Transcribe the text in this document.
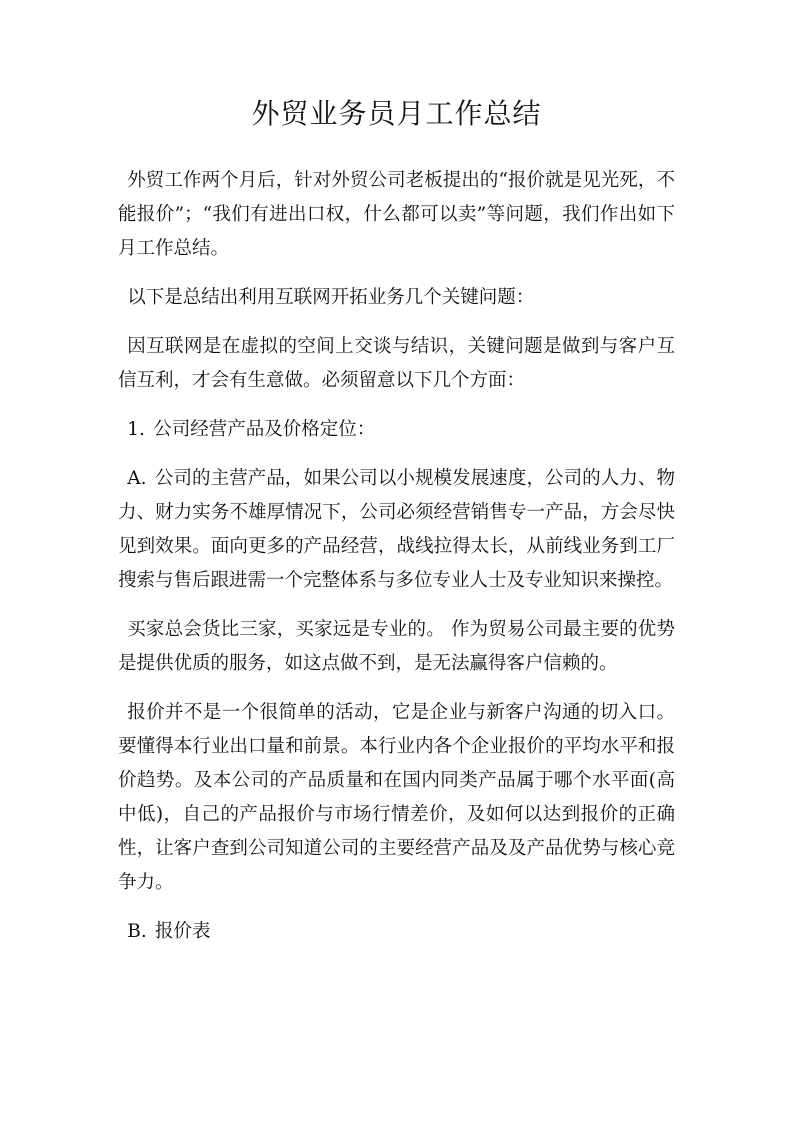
外贸业务员月工作总结

外贸工作两个月后，针对外贸公司老板提出的“报价就是见光死，不能报价”；“我们有进出口权，什么都可以卖”等问题，我们作出如下月工作总结。

以下是总结出利用互联网开拓业务几个关键问题：

因互联网是在虚拟的空间上交谈与结识，关键问题是做到与客户互信互利，才会有生意做。必须留意以下几个方面：

1. 公司经营产品及价格定位：

A. 公司的主营产品，如果公司以小规模发展速度，公司的人力、物力、财力实务不雄厚情况下，公司必须经营销售专一产品，方会尽快见到效果。面向更多的产品经营，战线拉得太长，从前线业务到工厂搜索与售后跟进需一个完整体系与多位专业人士及专业知识来操控。

买家总会货比三家，买家远是专业的。 作为贸易公司最主要的优势是提供优质的服务，如这点做不到，是无法赢得客户信赖的。

报价并不是一个很简单的活动，它是企业与新客户沟通的切入口。要懂得本行业出口量和前景。本行业内各个企业报价的平均水平和报价趋势。及本公司的产品质量和在国内同类产品属于哪个水平面(高中低)，自己的产品报价与市场行情差价，及如何以达到报价的正确性，让客户查到公司知道公司的主要经营产品及及产品优势与核心竞争力。

B. 报价表
